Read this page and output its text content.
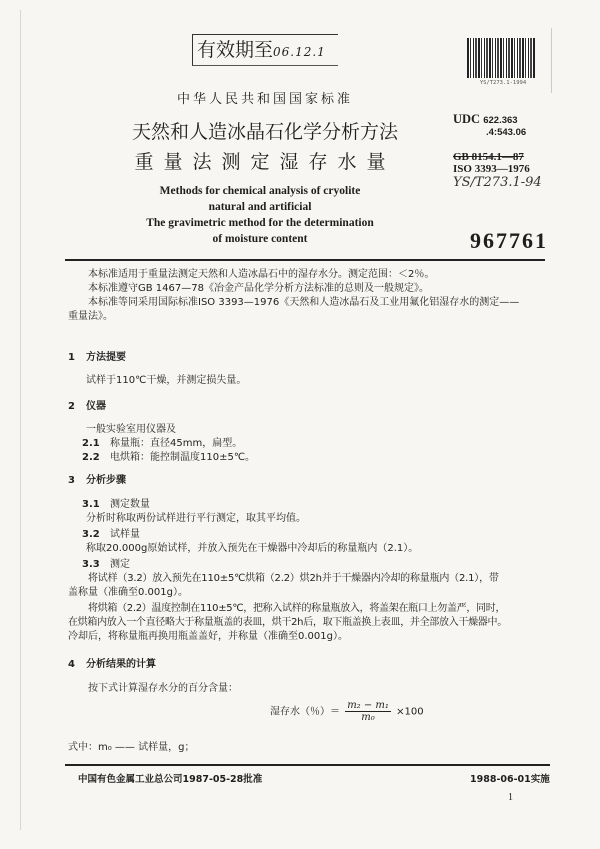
有效期至06.12.1
中华人民共和国国家标准
YS/T273.1-1994
天然和人造冰晶石化学分析方法
重量法测定湿存水量
Methods for chemical analysis of cryolite
natural and artificial
The gravimetric method for the determination
of moisture content
UDC 622.363
.4:543.06
GB 8154.1—87
ISO 3393—1976
YS/T273.1-94
967761
本标准适用于重量法测定天然和人造冰晶石中的湿存水分。测定范围：＜2％。
本标准遵守GB 1467—78《冶金产品化学分析方法标准的总则及一般规定》。
本标准等同采用国际标准ISO 3393—1976《天然和人造冰晶石及工业用氟化铝湿存水的测定——
重量法》。
1 方法提要
试样于110℃干燥，并测定损失量。
2 仪器
一般实验室用仪器及
2.1 称量瓶：直径45mm，扁型。
2.2 电烘箱：能控制温度110±5℃。
3 分析步骤
3.1 测定数量
分析时称取两份试样进行平行测定，取其平均值。
3.2 试样量
称取20.000g原始试样，并放入预先在干燥器中冷却后的称量瓶内（2.1）。
3.3 测定
将试样（3.2）放入预先在110±5℃烘箱（2.2）烘2h并于干燥器内冷却的称量瓶内（2.1），带
盖称量（准确至0.001g）。
将烘箱（2.2）温度控制在110±5℃，把称入试样的称量瓶放入，将盖架在瓶口上勿盖严，同时，
在烘箱内放入一个直径略大于称量瓶盖的表皿，烘干2h后，取下瓶盖换上表皿，并全部放入干燥器中。
冷却后，将称量瓶再换用瓶盖盖好，并称量（准确至0.001g）。
4 分析结果的计算
按下式计算湿存水分的百分含量：
湿存水（％）＝ $\frac{\text{m₂ − m₁}}{\text{m₀}} \times 100$
式中：m₀ —— 试样量，g；
中国有色金属工业总公司1987-05-28批准	1988-06-01实施
1
